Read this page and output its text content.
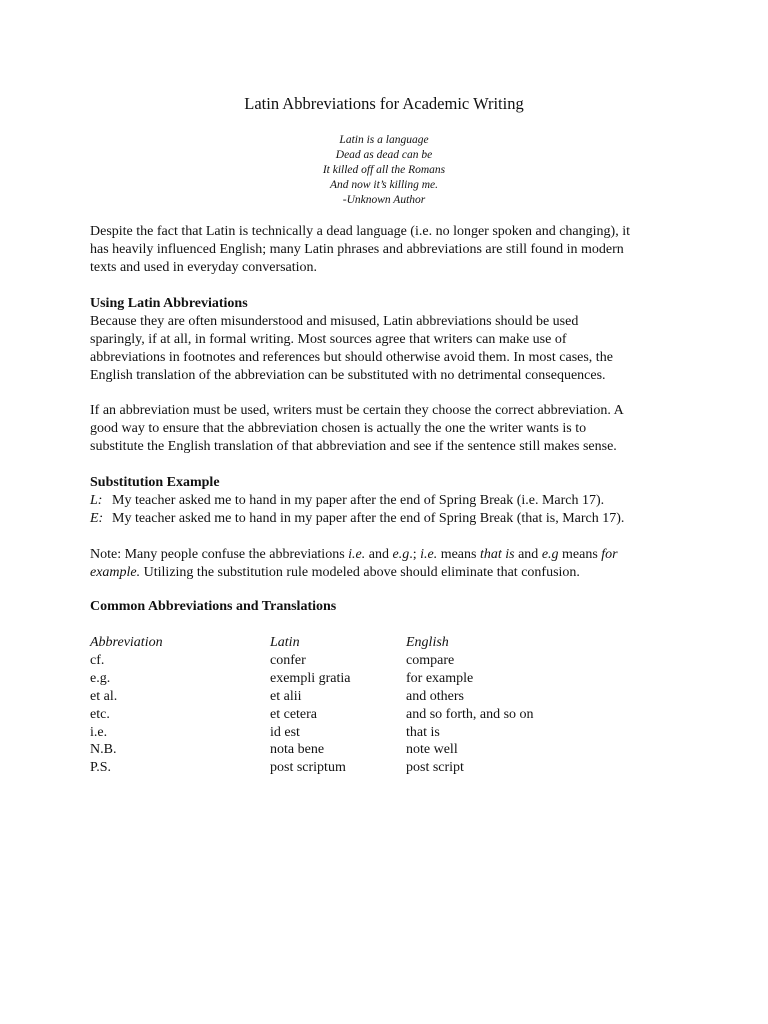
Latin Abbreviations for Academic Writing
Latin is a language
Dead as dead can be
It killed off all the Romans
And now it’s killing me.
-Unknown Author
Despite the fact that Latin is technically a dead language (i.e. no longer spoken and changing), it
has heavily influenced English; many Latin phrases and abbreviations are still found in modern
texts and used in everyday conversation.
Using Latin Abbreviations
Because they are often misunderstood and misused, Latin abbreviations should be used
sparingly, if at all, in formal writing. Most sources agree that writers can make use of
abbreviations in footnotes and references but should otherwise avoid them. In most cases, the
English translation of the abbreviation can be substituted with no detrimental consequences.
If an abbreviation must be used, writers must be certain they choose the correct abbreviation. A
good way to ensure that the abbreviation chosen is actually the one the writer wants is to
substitute the English translation of that abbreviation and see if the sentence still makes sense.
Substitution Example
L: My teacher asked me to hand in my paper after the end of Spring Break (i.e. March 17).
E: My teacher asked me to hand in my paper after the end of Spring Break (that is, March 17).
Note: Many people confuse the abbreviations i.e. and e.g.; i.e. means that is and e.g means for
example. Utilizing the substitution rule modeled above should eliminate that confusion.
Common Abbreviations and Translations
Abbreviation	Latin	English
cf.	confer	compare
e.g.	exempli gratia	for example
et al.	et alii	and others
etc.	et cetera	and so forth, and so on
i.e.	id est	that is
N.B.	nota bene	note well
P.S.	post scriptum	post script
